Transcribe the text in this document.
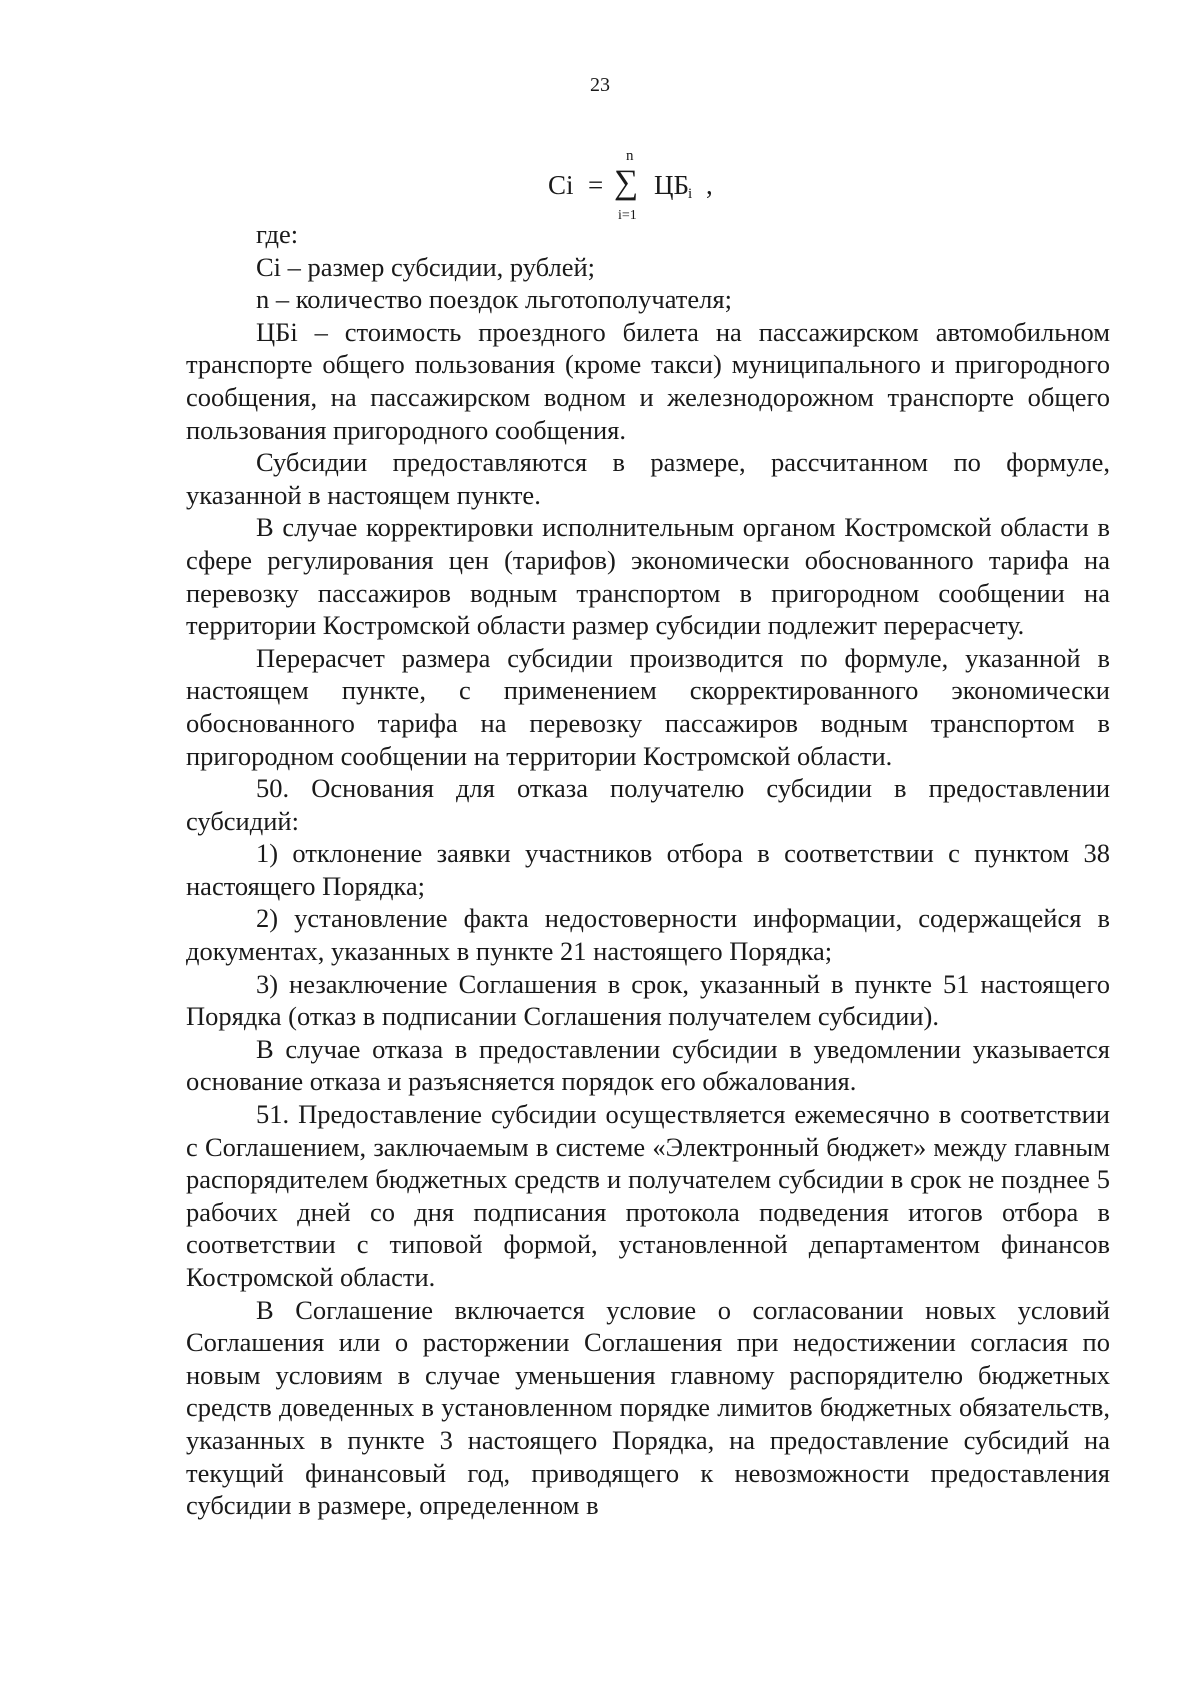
23
n
Сi = ∑ ЦБ
i ,
i=1

где:

Сi – размер субсидии, рублей;

n – количество поездок льготополучателя;

ЦБi – стоимость проездного билета на пассажирском автомобильном транспорте общего пользования (кроме такси) муниципального и пригородного сообщения, на пассажирском водном и железнодорожном транспорте общего пользования пригородного сообщения.

Субсидии предоставляются в размере, рассчитанном по формуле, указанной в настоящем пункте.

В случае корректировки исполнительным органом Костромской области в сфере регулирования цен (тарифов) экономически обоснованного тарифа на перевозку пассажиров водным транспортом в пригородном сообщении на территории Костромской области размер субсидии подлежит перерасчету.

Перерасчет размера субсидии производится по формуле, указанной в настоящем пункте, с применением скорректированного экономически обоснованного тарифа на перевозку пассажиров водным транспортом в пригородном сообщении на территории Костромской области.

50. Основания для отказа получателю субсидии в предоставлении субсидий:

1) отклонение заявки участников отбора в соответствии с пунктом 38 настоящего Порядка;

2) установление факта недостоверности информации, содержащейся в документах, указанных в пункте 21 настоящего Порядка;

3) незаключение Соглашения в срок, указанный в пункте 51 настоящего Порядка (отказ в подписании Соглашения получателем субсидии).

В случае отказа в предоставлении субсидии в уведомлении указывается основание отказа и разъясняется порядок его обжалования.

51. Предоставление субсидии осуществляется ежемесячно в соответствии с Соглашением, заключаемым в системе «Электронный бюджет» между главным распорядителем бюджетных средств и получателем субсидии в срок не позднее 5 рабочих дней со дня подписания протокола подведения итогов отбора в соответствии с типовой формой, установленной департаментом финансов Костромской области.

В Соглашение включается условие о согласовании новых условий Соглашения или о расторжении Соглашения при недостижении согласия по новым условиям в случае уменьшения главному распорядителю бюджетных средств доведенных в установленном порядке лимитов бюджетных обязательств, указанных в пункте 3 настоящего Порядка, на предоставление субсидий на текущий финансовый год, приводящего к невозможности предоставления субсидии в размере, определенном в
